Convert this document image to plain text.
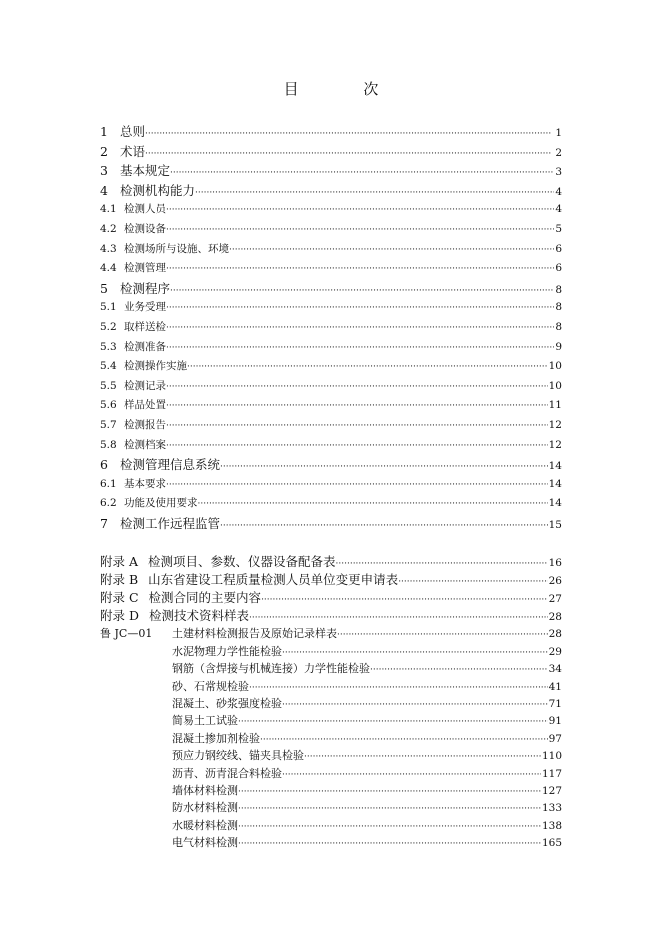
目 次
1 总则 ·····	1
2 术语 ·····	2
3 基本规定 ·····	3
4 检测机构能力 ·····	4
4.1 检测人员 ·····	4
4.2 检测设备 ·····	5
4.3 检测场所与设施、环境 ·····	6
4.4 检测管理 ·····	6
5 检测程序 ·····	8
5.1 业务受理 ·····	8
5.2 取样送检 ·····	8
5.3 检测准备 ·····	9
5.4 检测操作实施 ·····	10
5.5 检测记录 ·····	10
5.6 样品处置 ·····	11
5.7 检测报告 ·····	12
5.8 检测档案 ·····	12
6 检测管理信息系统 ·····	14
6.1 基本要求 ·····	14
6.2 功能及使用要求 ·····	14
7 检测工作远程监管 ·····	15
附录 A 检测项目、参数、仪器设备配备表 ·····	16
附录 B 山东省建设工程质量检测人员单位变更申请表 ·····	26
附录 C 检测合同的主要内容 ·····	27
附录 D 检测技术资料样表 ·····	28
鲁 JC—01	土建材料检测报告及原始记录样表 ·····	28
水泥物理力学性能检验 ·····	29
钢筋（含焊接与机械连接）力学性能检验 ·····	34
砂、石常规检验 ·····	41
混凝土、砂浆强度检验 ·····	71
简易土工试验 ·····	91
混凝土掺加剂检验 ·····	97
预应力钢绞线、锚夹具检验 ·····	110
沥青、沥青混合料检验 ·····	117
墙体材料检测 ·····	127
防水材料检测 ·····	133
水暖材料检测 ·····	138
电气材料检测 ·····	165
